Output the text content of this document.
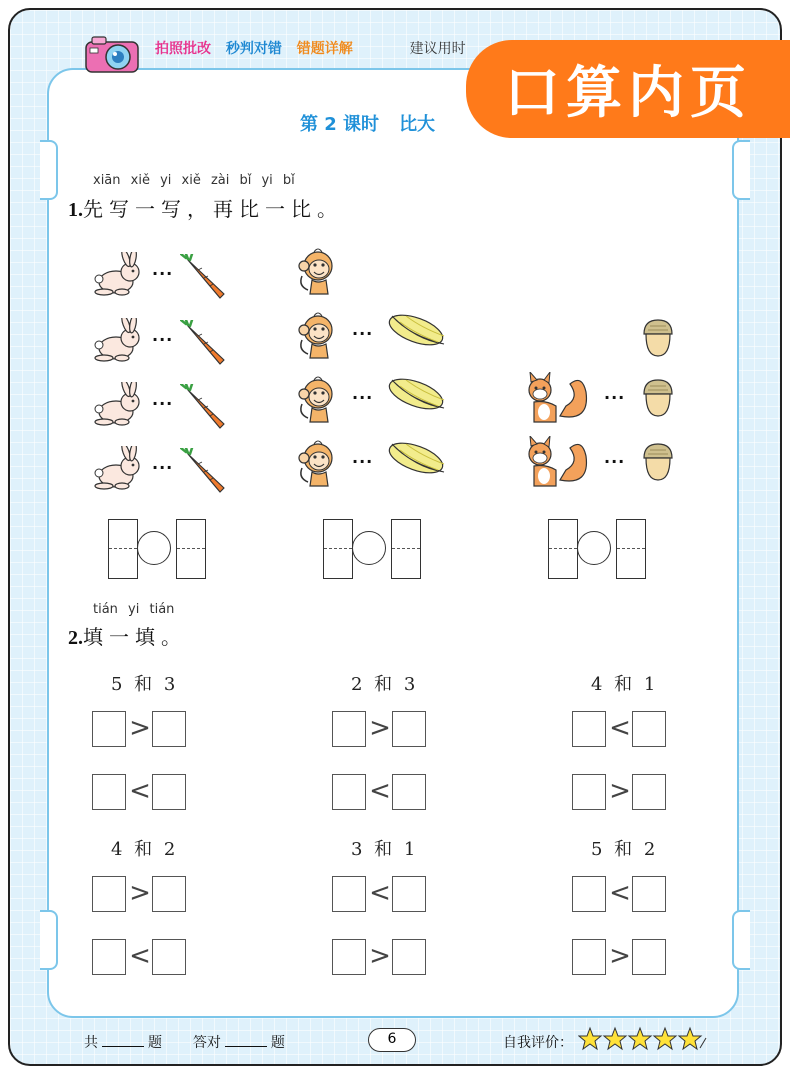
拍照批改 秒判对错 错题详解	建议用时
第 2 课时 比大	口算内页
xiān xiě yi xiě zài bǐ yi bǐ
1.先写一写，再比一比。
···
···
···
···
···
···
···
···
···
tián yi tián
2.填一填。
5 和 3	2 和 3	4 和 1
>	>	<
<	<	>
4 和 2	3 和 1	5 和 2
>	<	<
<	>	>
共	题 答对	题	6	自我评价：
